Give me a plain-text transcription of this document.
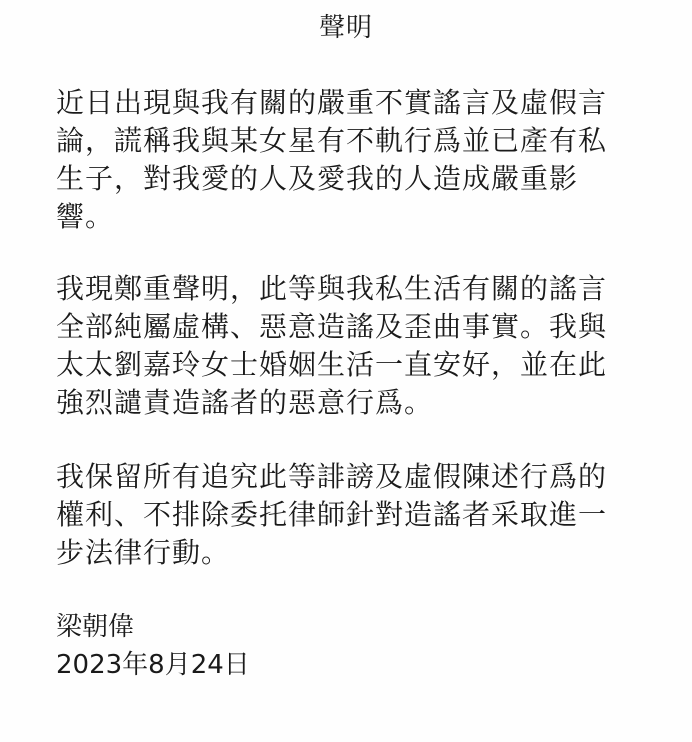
聲明

近日出現與我有關的嚴重不實謠言及虛假言
論，謊稱我與某女星有不軌行爲並已產有私
生子，對我愛的人及愛我的人造成嚴重影
響。

我現鄭重聲明，此等與我私生活有關的謠言
全部純屬虛構、惡意造謠及歪曲事實。我與
太太劉嘉玲女士婚姻生活一直安好，並在此
強烈譴責造謠者的惡意行爲。

我保留所有追究此等誹謗及虛假陳述行爲的
權利、不排除委托律師針對造謠者采取進一
步法律行動。

梁朝偉
2023年8月24日
